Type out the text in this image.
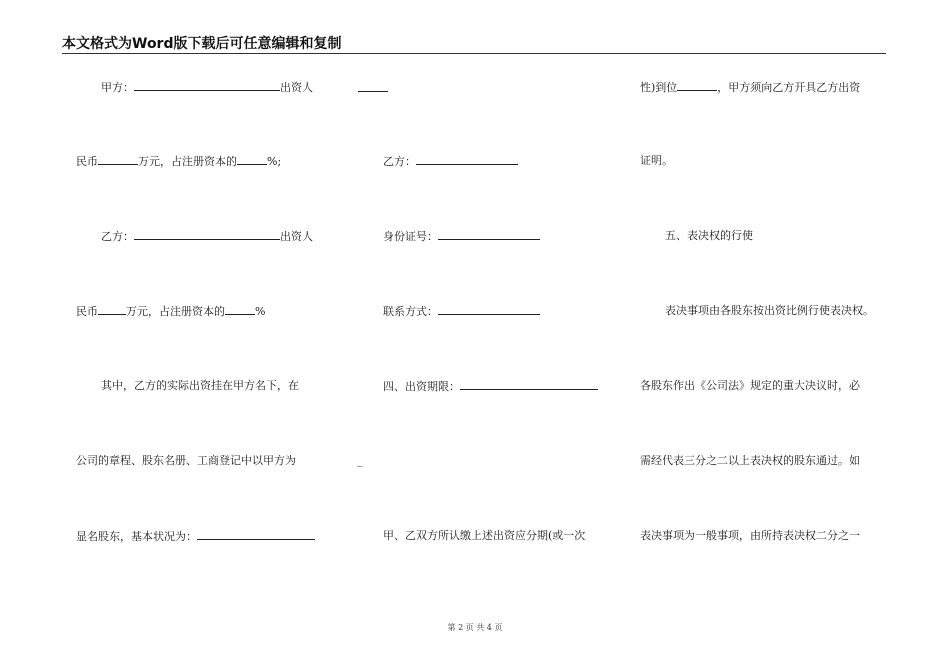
本文格式为Word版下载后可任意编辑和复制
甲方：	出资人
民币	万元，占注册资本的	%;
乙方：	出资人
民币	万元，占注册资本的	%
其中，乙方的实际出资挂在甲方名下，在
公司的章程、股东名册、工商登记中以甲方为
显名股东，基本状况为：
乙方：
身份证号：
联系方式：
四、出资期限：
_
甲、乙双方所认缴上述出资应分期(或一次
性)到位	，甲方须向乙方开具乙方出资
证明。
五、表决权的行使
表决事项由各股东按出资比例行使表决权。
各股东作出《公司法》规定的重大决议时，必
需经代表三分之二以上表决权的股东通过。如
表决事项为一般事项，由所持表决权二分之一
第 2 页 共 4 页
